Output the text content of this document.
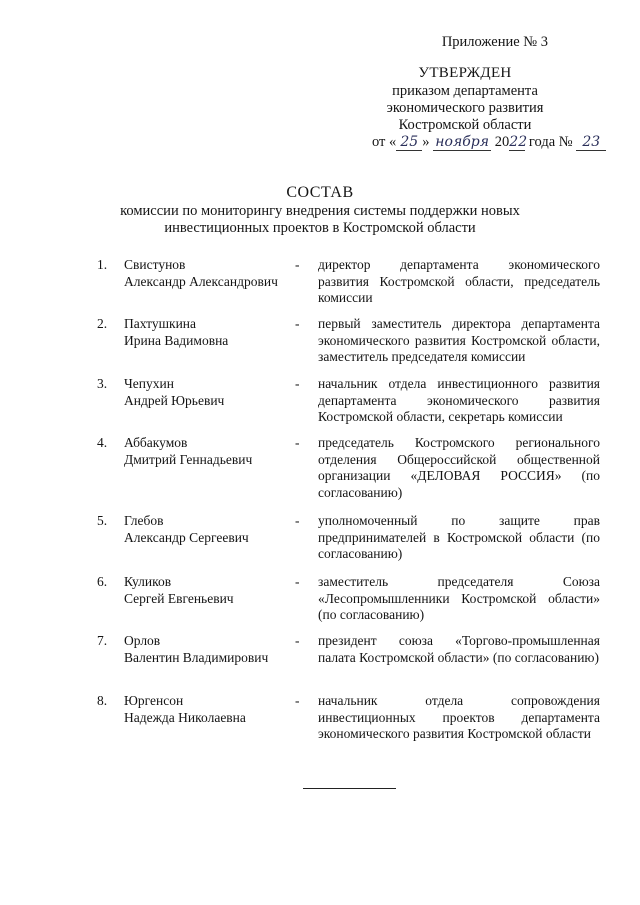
Приложение № 3
УТВЕРЖДЕН
приказом департамента
экономического развития
Костромской области
от « 25 » ноября 2022 года № 23
СОСТАВ
комиссии по мониторингу внедрения системы поддержки новых
инвестиционных проектов в Костромской области
1. Свистунов
Александр Александрович
- директор департамента экономического развития Костромской области, председатель комиссии
2. Пахтушкина
Ирина Вадимовна
- первый заместитель директора департамента экономического развития Костромской области, заместитель председателя комиссии
3. Чепухин
Андрей Юрьевич
- начальник отдела инвестиционного развития департамента экономического развития Костромской области, секретарь комиссии
4. Аббакумов
Дмитрий Геннадьевич
- председатель Костромского регионального отделения Общероссийской общественной организации «ДЕЛОВАЯ РОССИЯ» (по согласованию)
5. Глебов
Александр Сергеевич
- уполномоченный по защите прав предпринимателей в Костромской области (по согласованию)
6. Куликов
Сергей Евгеньевич
- заместитель председателя Союза «Лесопромышленники Костромской области» (по согласованию)
7. Орлов
Валентин Владимирович
- президент союза «Торгово-промышленная палата Костромской области» (по согласованию)
8. Юргенсон
Надежда Николаевна
- начальник отдела сопровождения инвестиционных проектов департамента экономического развития Костромской области
